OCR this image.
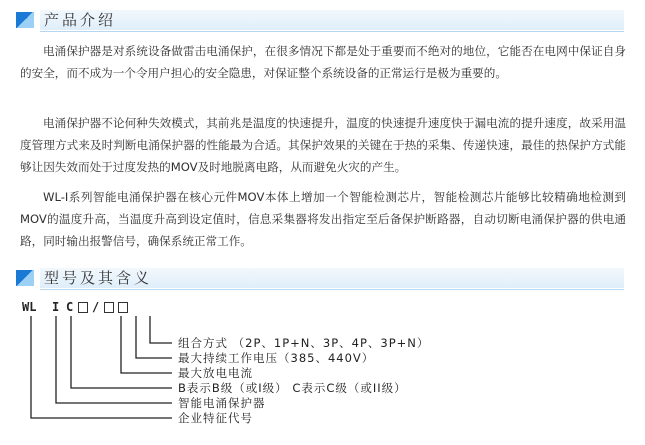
产品介绍
电涌保护器是对系统设备做雷击电涌保护，在很多情况下都是处于重要而不绝对的地位，它能否在电网中保证自身的安全，而不成为一个令用户担心的安全隐患，对保证整个系统设备的正常运行是极为重要的。
电涌保护器不论何种失效模式，其前兆是温度的快速提升，温度的快速提升速度快于漏电流的提升速度，故采用温度管理方式来及时判断电涌保护器的性能最为合适。其保护效果的关键在于热的采集、传递快速，最佳的热保护方式能够让因失效而处于过度发热的MOV及时地脱离电路，从而避免火灾的产生。
WL-I系列智能电涌保护器在核心元件MOV本体上增加一个智能检测芯片，智能检测芯片能够比较精确地检测到MOV的温度升高，当温度升高到设定值时，信息采集器将发出指定至后备保护断路器，自动切断电涌保护器的供电通路，同时输出报警信号，确保系统正常工作。
型号及其含义
WL I C /
组合方式 （2P、1P+N、3P、4P、3P+N）
最大持续工作电压（385、440V）
最大放电电流
B表示B级（或I级） C表示C级（或II级）
智能电涌保护器
企业特征代号
